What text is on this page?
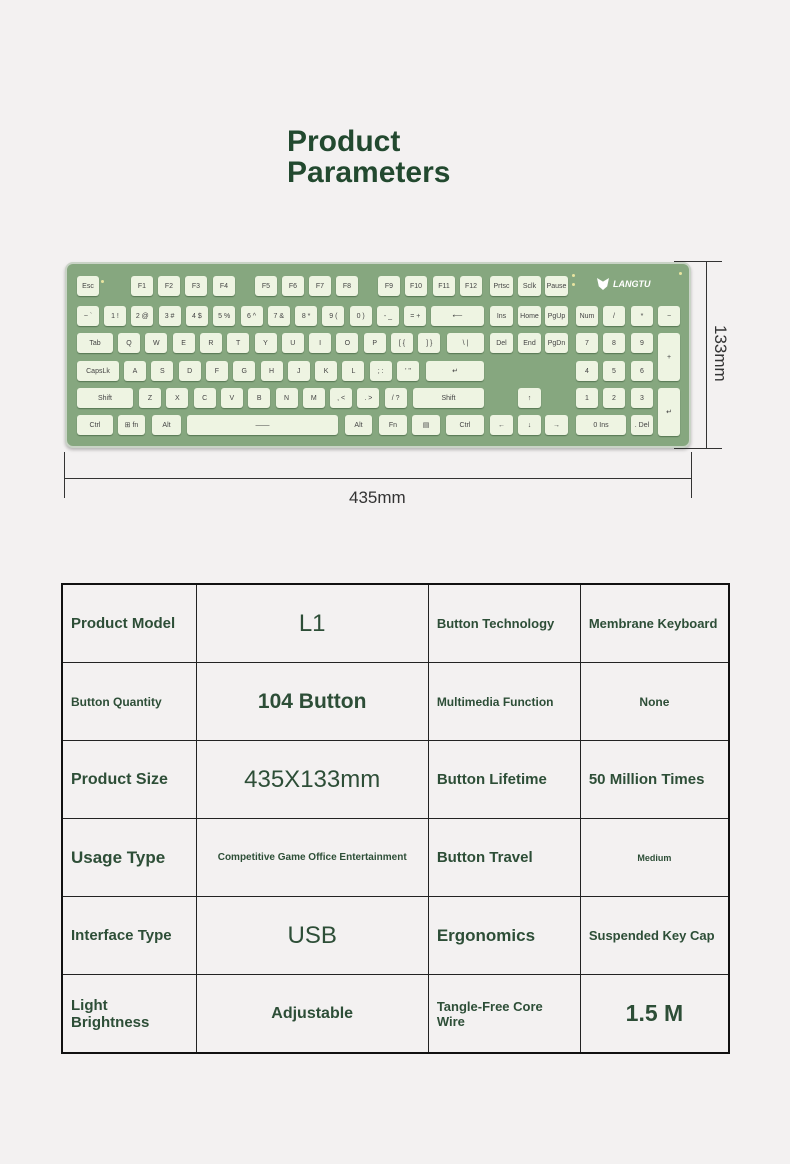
Product
Parameters
LANGTU
Esc	F1	F2	F3	F4	F5	F6	F7	F8	F9	F10	F11	F12	Prtsc	Sclk	Pause
~ `	1 !	2 @	3 #	4 $	5 %	6 ^	7 &	8 *	9 (	0 )	- _	= +	⟵	Ins	Home	PgUp	Num	/	*	−
Tab	Q	W	E	R	T	Y	U	I	O	P	[ {	] }	\ |	Del	End	PgDn	7	8	9
+
CapsLk	A	S	D	F	G	H	J	K	L	; :	' "	↵	4	5	6
Shift	Z	X	C	V	B	N	M	, <	. >	/ ?	Shift	↑	1	2	3
↵
Ctrl	⊞ fn	Alt	——	Alt	Fn	▤	Ctrl	←	↓	→	0 Ins	. Del
133mm
435mm
Product Model	L1	Button Technology	Membrane Keyboard
Button Quantity	104 Button	Multimedia Function	None
Product Size	435X133mm	Button Lifetime	50 Million Times
Usage Type	Competitive Game Office Entertainment	Button Travel	Medium
Interface Type	USB	Ergonomics	Suspended Key Cap
Light Brightness	Adjustable	Tangle-Free Core Wire	1.5 M
